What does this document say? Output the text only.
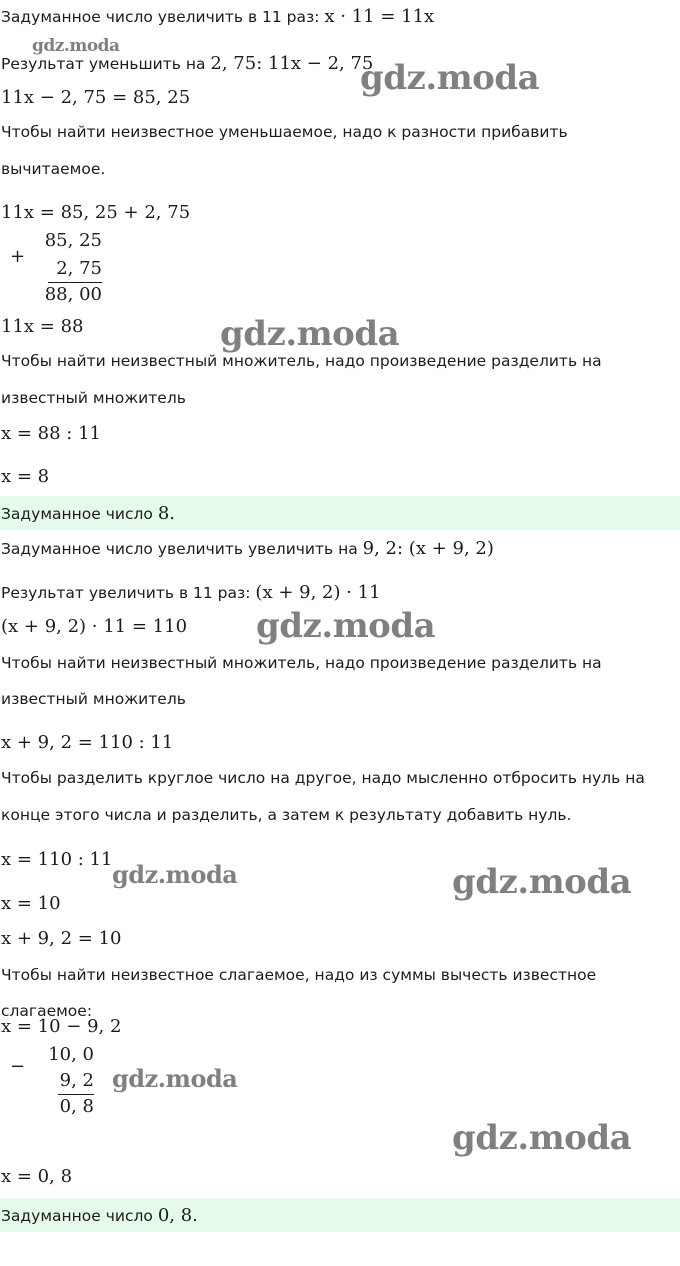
Задуманное число увеличить в 11 раз: x · 11 = 11x
Результат уменьшить на 2, 75: 11x − 2, 75
11x − 2, 75 = 85, 25
Чтобы найти неизвестное уменьшаемое, надо к разности прибавить
вычитаемое.
11x = 85, 25 + 2, 75
+
85, 25
2, 75
88, 00
11x = 88
Чтобы найти неизвестный множитель, надо произведение разделить на
известный множитель
x = 88 : 11
x = 8
Задуманное число 8.
Задуманное число увеличить увеличить на 9, 2: (x + 9, 2)
Результат увеличить в 11 раз: (x + 9, 2) · 11
(x + 9, 2) · 11 = 110
Чтобы найти неизвестный множитель, надо произведение разделить на
известный множитель
x + 9, 2 = 110 : 11
Чтобы разделить круглое число на другое, надо мысленно отбросить нуль на
конце этого числа и разделить, а затем к результату добавить нуль.
x = 110 : 11
x = 10
x + 9, 2 = 10
Чтобы найти неизвестное слагаемое, надо из суммы вычесть известное
слагаемое:
x = 10 − 9, 2
−
10, 0
9, 2
0, 8
x = 0, 8
Задуманное число 0, 8.
gdz.moda
gdz.moda
gdz.moda
gdz.moda
gdz.moda	gdz.moda
gdz.moda
gdz.moda
